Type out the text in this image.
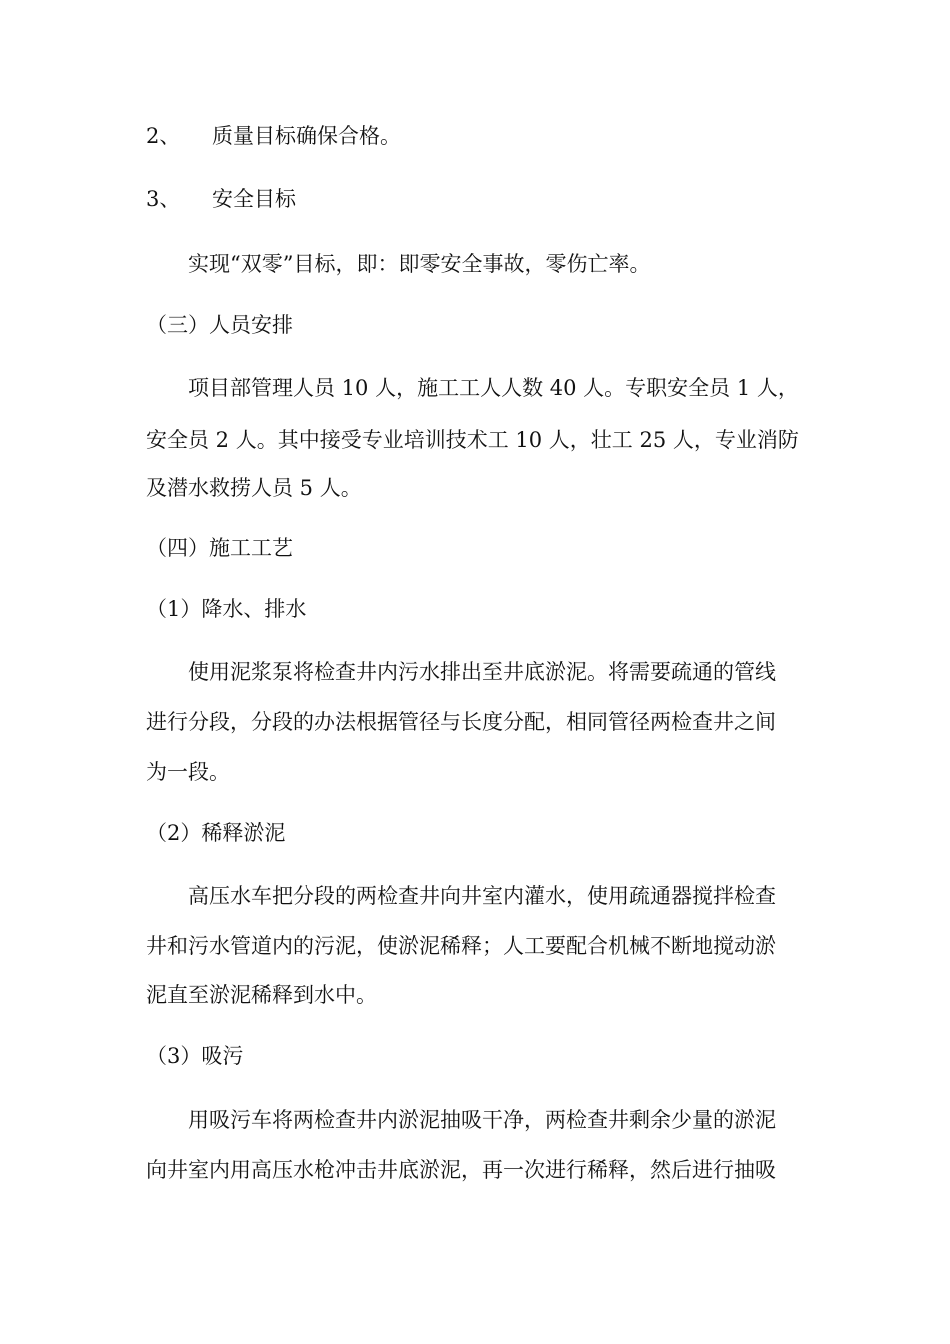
2、 质量目标确保合格。
3、 安全目标
实现“双零”目标，即：即零安全事故，零伤亡率。
（三）人员安排
项目部管理人员 10 人，施工工人人数 40 人。专职安全员 1 人，
安全员 2 人。其中接受专业培训技术工 10 人，壮工 25 人，专业消防
及潜水救捞人员 5 人。
（四）施工工艺
（1）降水、排水
使用泥浆泵将检查井内污水排出至井底淤泥。将需要疏通的管线
进行分段，分段的办法根据管径与长度分配，相同管径两检查井之间
为一段。
（2）稀释淤泥
高压水车把分段的两检查井向井室内灌水，使用疏通器搅拌检查
井和污水管道内的污泥，使淤泥稀释；人工要配合机械不断地搅动淤
泥直至淤泥稀释到水中。
（3）吸污
用吸污车将两检查井内淤泥抽吸干净，两检查井剩余少量的淤泥
向井室内用高压水枪冲击井底淤泥，再一次进行稀释，然后进行抽吸
